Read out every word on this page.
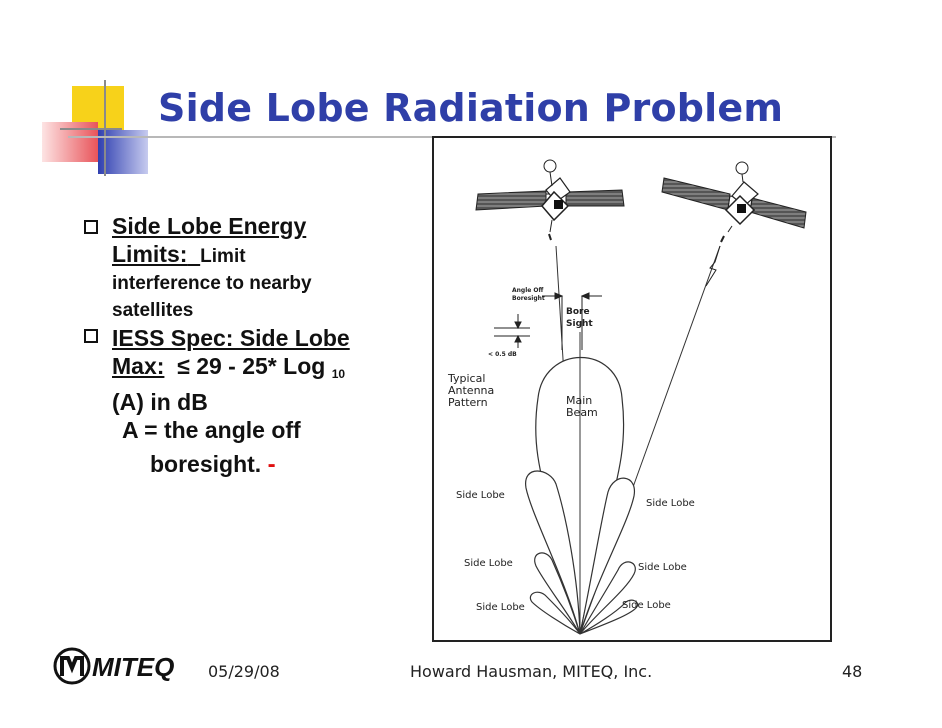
Side Lobe Radiation Problem
Side Lobe Energy
Limits: Limit
interference to nearby
satellites
IESS Spec: Side Lobe
Max: ≤ 29 - 25* Log $_{10}$
(A) in dB
A = the angle off
boresight. -
Angle Off
Boresight
Bore
Sight
< 0.5 dB
Typical
Antenna
Pattern	Main
Beam
Side Lobe
Side Lobe
Side Lobe	Side Lobe
Side Lobe	Side Lobe
MITEQ 05/29/08	Howard Hausman, MITEQ, Inc.	48
